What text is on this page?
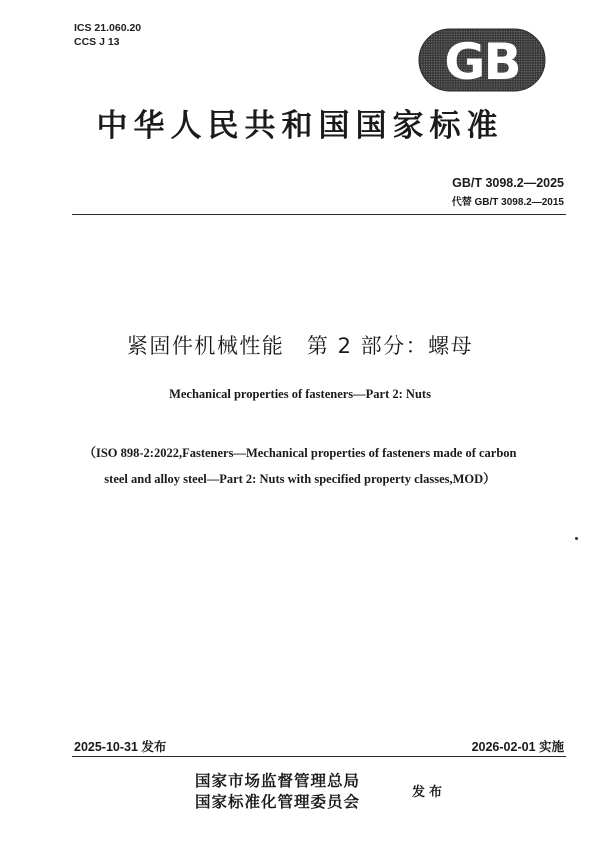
ICS 21.060.20
CCS J 13	GB
中华人民共和国国家标准
GB/T 3098.2—2025
代替 GB/T 3098.2—2015
紧固件机械性能　第 2 部分：螺母
Mechanical properties of fasteners—Part 2: Nuts
（ISO 898-2:2022,Fasteners—Mechanical properties of fasteners made of carbon
steel and alloy steel—Part 2: Nuts with specified property classes,MOD）
2025-10-31 发布	2026-02-01 实施
国家市场监督管理总局
国家标准化管理委员会
发布
